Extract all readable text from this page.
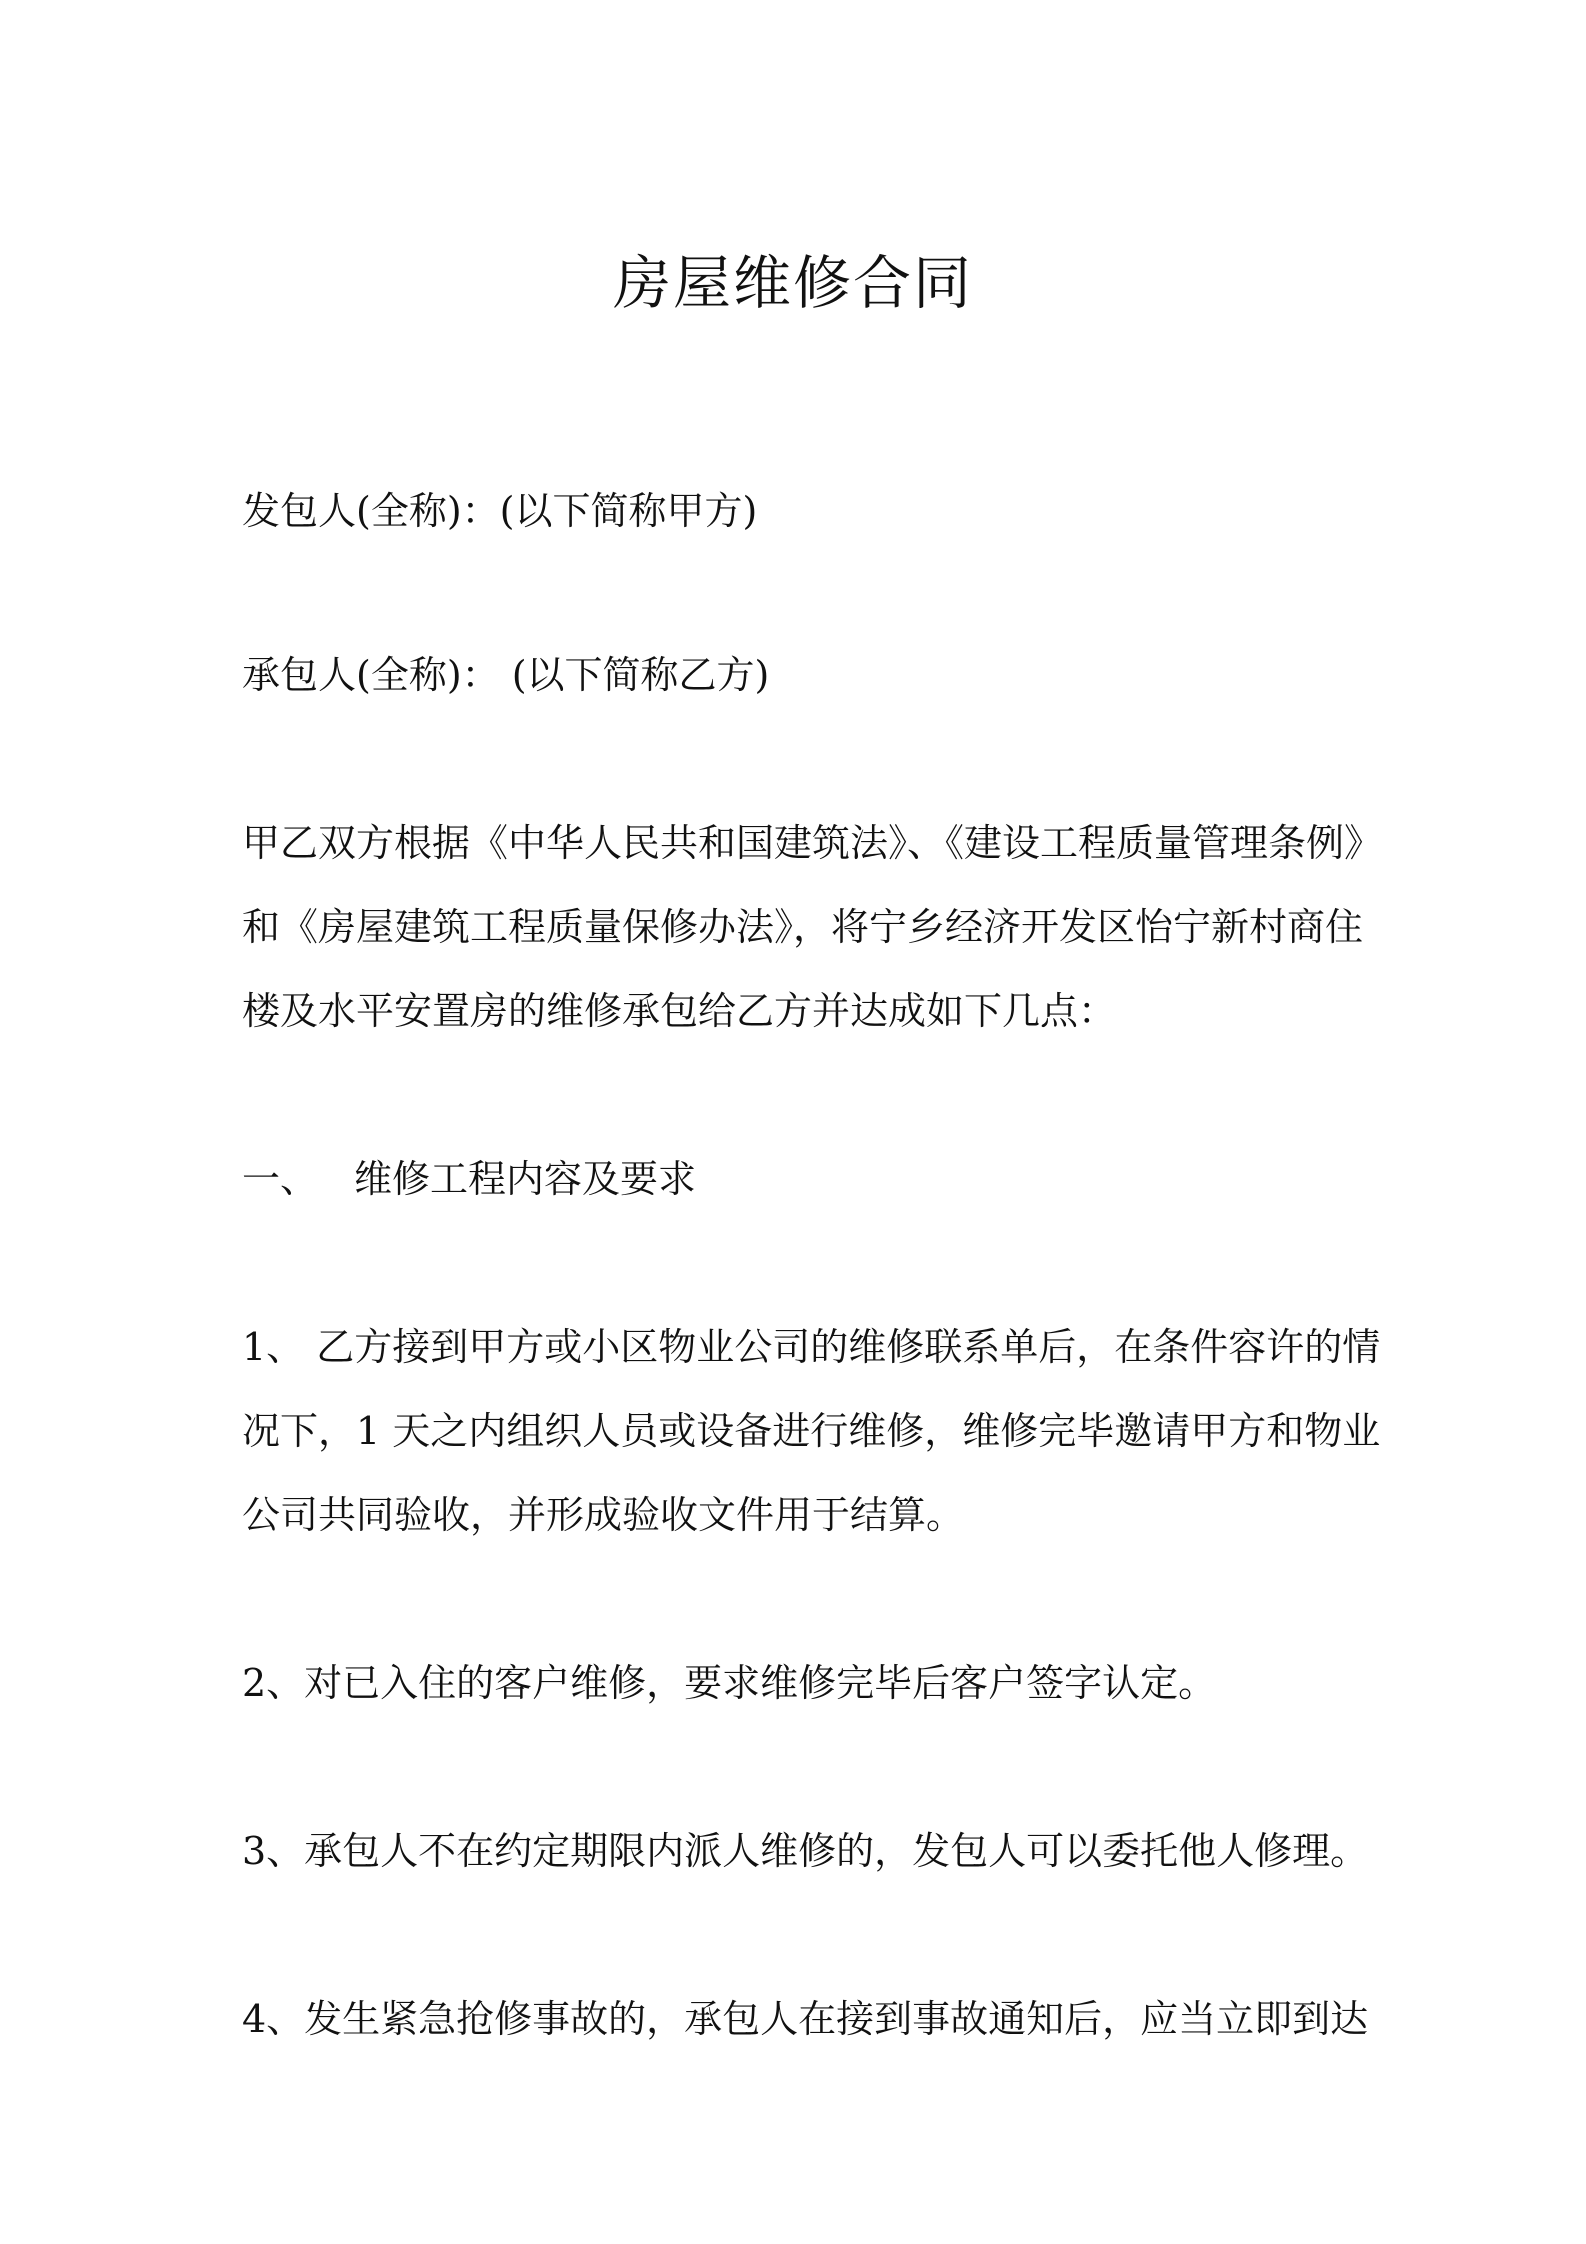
房屋维修合同

发包人(全称)：(以下简称甲方)

承包人(全称)： (以下简称乙方)

甲乙双方根据《中华人民共和国建筑法》、《建设工程质量管理条例》

和《房屋建筑工程质量保修办法》，将宁乡经济开发区怡宁新村商住

楼及水平安置房的维修承包给乙方并达成如下几点：

一、 维修工程内容及要求

1、 乙方接到甲方或小区物业公司的维修联系单后，在条件容许的情

况下，1 天之内组织人员或设备进行维修，维修完毕邀请甲方和物业

公司共同验收，并形成验收文件用于结算。

2、对已入住的客户维修，要求维修完毕后客户签字认定。

3、承包人不在约定期限内派人维修的，发包人可以委托他人修理。

4、发生紧急抢修事故的，承包人在接到事故通知后，应当立即到达
